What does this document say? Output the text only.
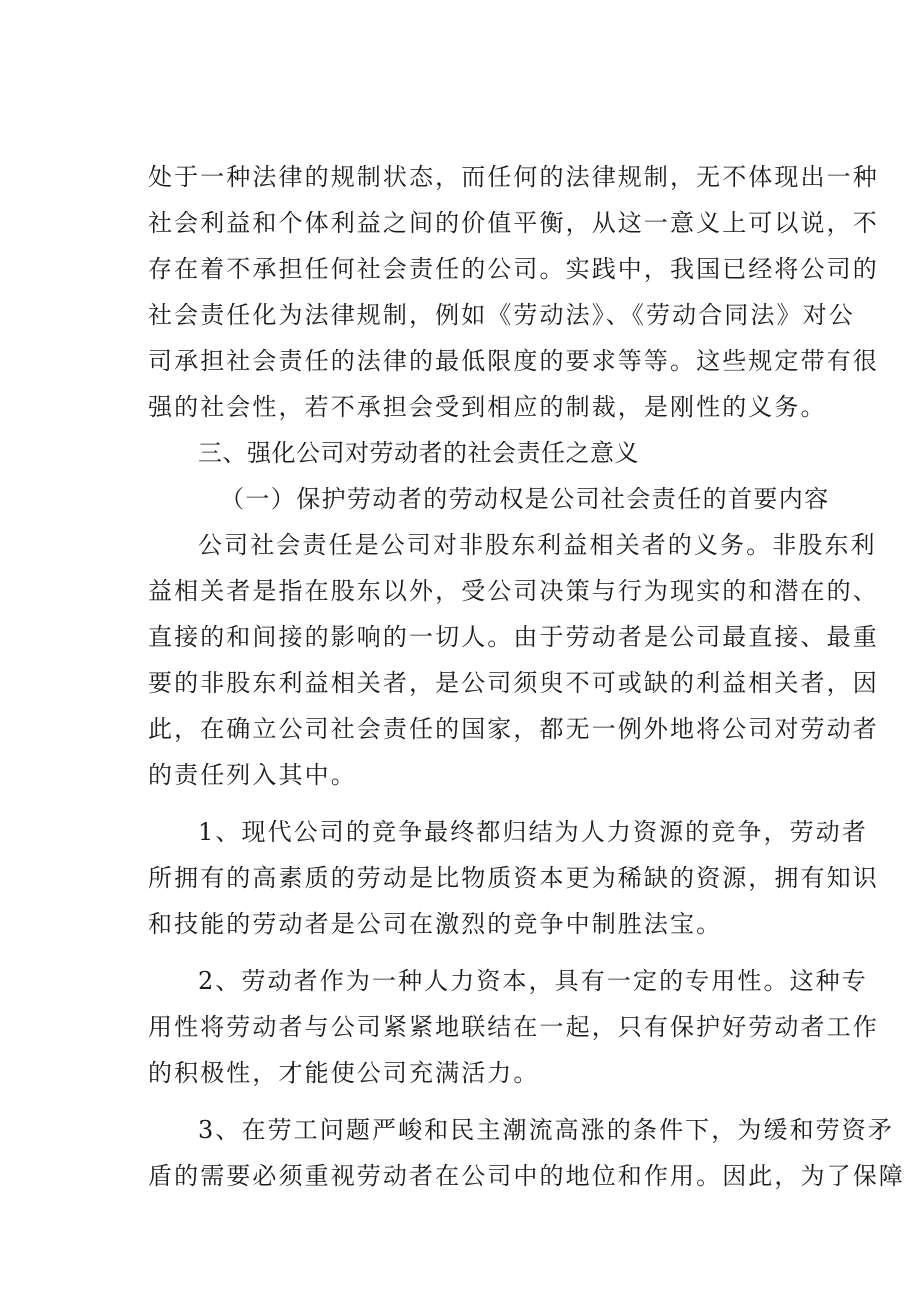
处于一种法律的规制状态，而任何的法律规制，无不体现出一种
社会利益和个体利益之间的价值平衡，从这一意义上可以说，不
存在着不承担任何社会责任的公司。实践中，我国已经将公司的
社会责任化为法律规制，例如《劳动法》、《劳动合同法》对公
司承担社会责任的法律的最低限度的要求等等。这些规定带有很
强的社会性，若不承担会受到相应的制裁，是刚性的义务。
三、强化公司对劳动者的社会责任之意义
（一）保护劳动者的劳动权是公司社会责任的首要内容
公司社会责任是公司对非股东利益相关者的义务。非股东利
益相关者是指在股东以外，受公司决策与行为现实的和潜在的、
直接的和间接的影响的一切人。由于劳动者是公司最直接、最重
要的非股东利益相关者，是公司须臾不可或缺的利益相关者，因
此，在确立公司社会责任的国家，都无一例外地将公司对劳动者
的责任列入其中。
1、现代公司的竞争最终都归结为人力资源的竞争，劳动者
所拥有的高素质的劳动是比物质资本更为稀缺的资源，拥有知识
和技能的劳动者是公司在激烈的竞争中制胜法宝。
2、劳动者作为一种人力资本，具有一定的专用性。这种专
用性将劳动者与公司紧紧地联结在一起，只有保护好劳动者工作
的积极性，才能使公司充满活力。
3、在劳工问题严峻和民主潮流高涨的条件下，为缓和劳资矛
盾的需要必须重视劳动者在公司中的地位和作用。因此，为了保障
